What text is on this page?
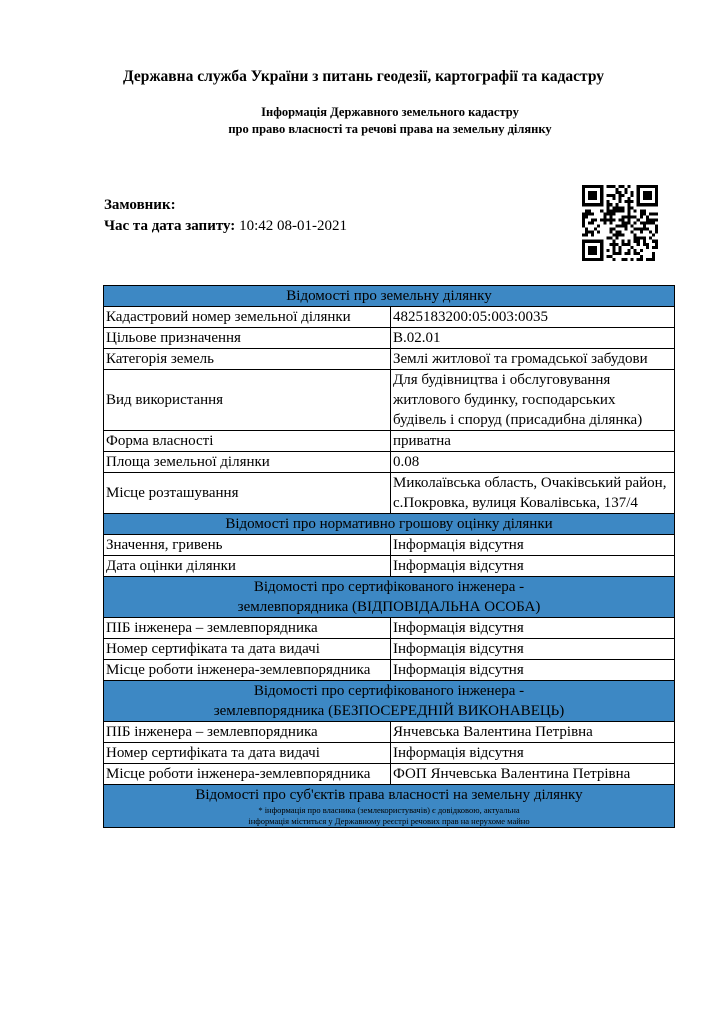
Державна служба України з питань геодезії, картографії та кадастру
Інформація Державного земельного кадастру
про право власності та речові права на земельну ділянку
Замовник:
Час та дата запиту: 10:42 08-01-2021
Відомості про земельну ділянку	
Кадастровий номер земельної ділянки	4825183200:05:003:0035
Цільове призначення	В.02.01
Категорія земель	Землі житлової та громадської забудови
Вид використання	Для будівництва і обслуговування житлового будинку, господарських будівель і споруд (присадибна ділянка)
Форма власності	приватна
Площа земельної ділянки	0.08
Місце розташування	Миколаївська область, Очаківський район, с.Покровка, вулиця Ковалівська, 137/4
Відомості про нормативно грошову оцінку ділянки	
Значення, гривень	Інформація відсутня
Дата оцінки ділянки	Інформація відсутня

Відомості про сертифікованого інженера -
землевпорядника (ВІДПОВІДАЛЬНА ОСОБА)	

ПІБ інженера – землевпорядника	Інформація відсутня
Номер сертифіката та дата видачі	Інформація відсутня
Місце роботи інженера-землевпорядника	Інформація відсутня

Відомості про сертифікованого інженера -
землевпорядника (БЕЗПОСЕРЕДНІЙ ВИКОНАВЕЦЬ)	

ПІБ інженера – землевпорядника	Янчевська Валентина Петрівна
Номер сертифіката та дата видачі	Інформація відсутня
Місце роботи інженера-землевпорядника	ФОП Янчевська Валентина Петрівна

Відомості про суб'єктів права власності на земельну ділянку
* інформація про власника (землекористувачів) є довідковою, актуальна
інформація міститься у Державному реєстрі речових прав на нерухоме майно	
